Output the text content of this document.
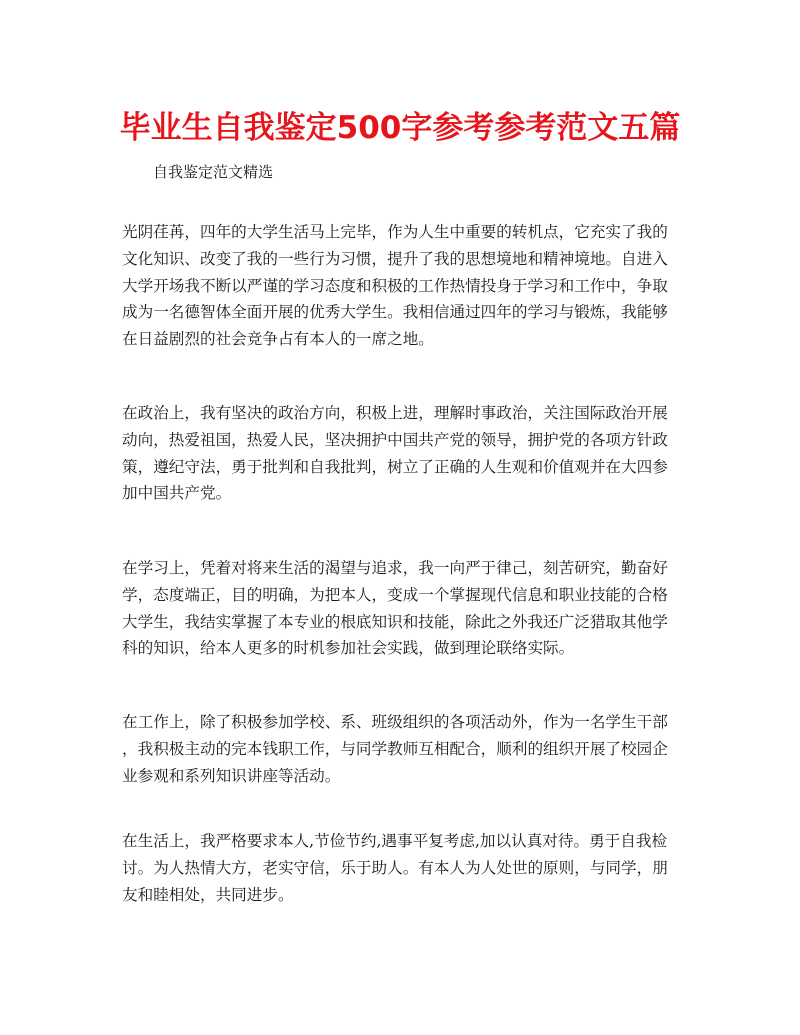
毕业生自我鉴定500字参考参考范文五篇
自我鉴定范文精选

光阴荏苒，四年的大学生活马上完毕，作为人生中重要的转机点，它充实了我的
文化知识、改变了我的一些行为习惯，提升了我的思想境地和精神境地。自进入
大学开场我不断以严谨的学习态度和积极的工作热情投身于学习和工作中，争取
成为一名德智体全面开展的优秀大学生。我相信通过四年的学习与锻炼，我能够
在日益剧烈的社会竞争占有本人的一席之地。

在政治上，我有坚决的政治方向，积极上进，理解时事政治，关注国际政治开展
动向，热爱祖国，热爱人民，坚决拥护中国共产党的领导，拥护党的各项方针政
策，遵纪守法，勇于批判和自我批判，树立了正确的人生观和价值观并在大四参
加中国共产党。

在学习上，凭着对将来生活的渴望与追求，我一向严于律己，刻苦研究，勤奋好
学，态度端正，目的明确，为把本人，变成一个掌握现代信息和职业技能的合格
大学生，我结实掌握了本专业的根底知识和技能，除此之外我还广泛猎取其他学
科的知识，给本人更多的时机参加社会实践，做到理论联络实际。

在工作上，除了积极参加学校、系、班级组织的各项活动外，作为一名学生干部
，我积极主动的完本钱职工作，与同学教师互相配合，顺利的组织开展了校园企
业参观和系列知识讲座等活动。

在生活上，我严格要求本人,节俭节约,遇事平复考虑,加以认真对待。勇于自我检
讨。为人热情大方，老实守信，乐于助人。有本人为人处世的原则，与同学，朋
友和睦相处，共同进步。
